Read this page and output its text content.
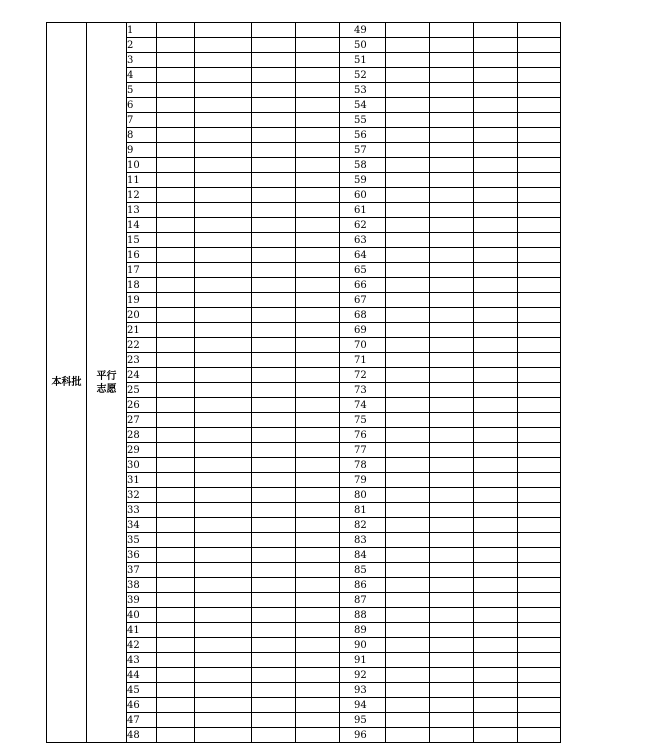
本科批	平行
志愿	1					49				
		2					50				
		3					51				
		4					52				
		5					53				
		6					54				
		7					55				
		8					56				
		9					57				
		10					58				
		11					59				
		12					60				
		13					61				
		14					62				
		15					63				
		16					64				
		17					65				
		18					66				
		19					67				
		20					68				
		21					69				
		22					70				
		23					71				
		24					72				
		25					73				
		26					74				
		27					75				
		28					76				
		29					77				
		30					78				
		31					79				
		32					80				
		33					81				
		34					82				
		35					83				
		36					84				
		37					85				
		38					86				
		39					87				
		40					88				
		41					89				
		42					90				
		43					91				
		44					92				
		45					93				
		46					94				
		47					95				
		48					96				
